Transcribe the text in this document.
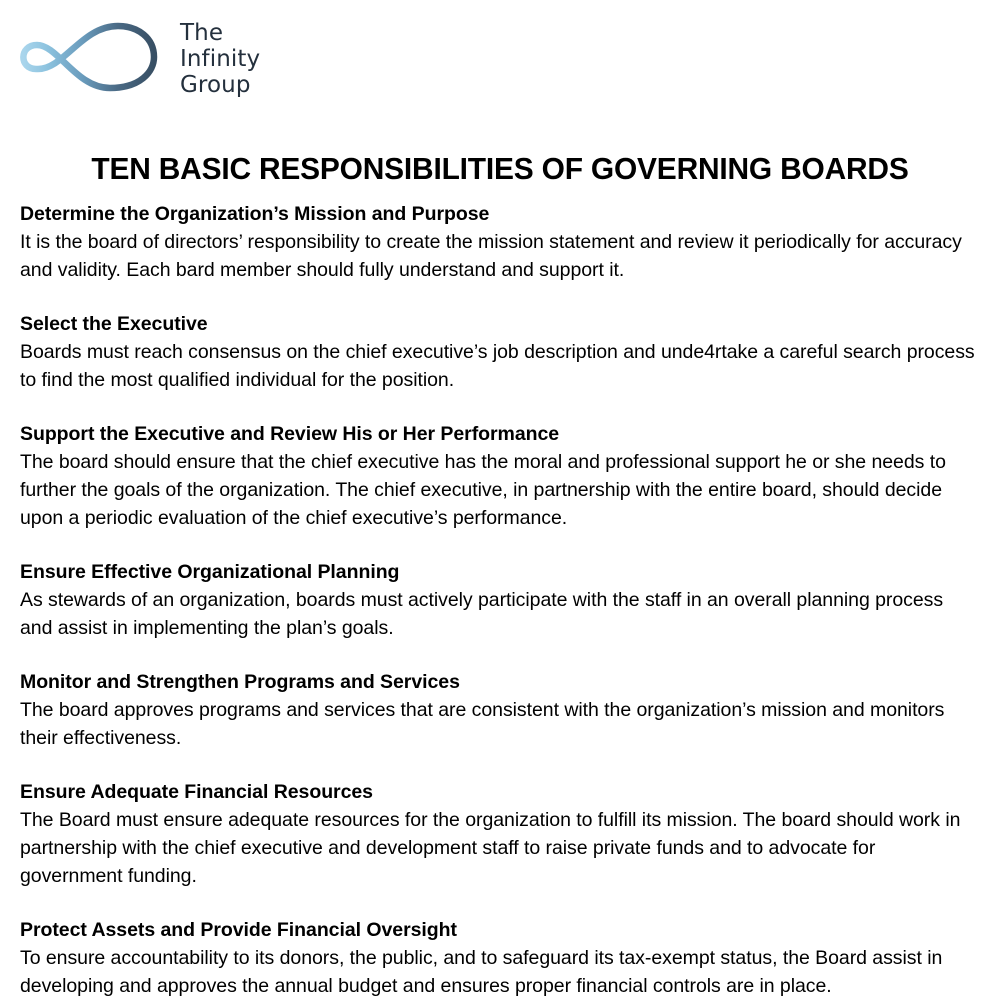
The
Infinity
Group
TEN BASIC RESPONSIBILITIES OF GOVERNING BOARDS
Determine the Organization’s Mission and Purpose
It is the board of directors’ responsibility to create the mission statement and review it periodically for accuracy and validity. Each bard member should fully understand and support it.
Select the Executive
Boards must reach consensus on the chief executive’s job description and unde4rtake a careful search process to find the most qualified individual for the position.
Support the Executive and Review His or Her Performance
The board should ensure that the chief executive has the moral and professional support he or she needs to further the goals of the organization. The chief executive, in partnership with the entire board, should decide upon a periodic evaluation of the chief executive’s performance.
Ensure Effective Organizational Planning
As stewards of an organization, boards must actively participate with the staff in an overall planning process and assist in implementing the plan’s goals.
Monitor and Strengthen Programs and Services
The board approves programs and services that are consistent with the organization’s mission and monitors their effectiveness.
Ensure Adequate Financial Resources
The Board must ensure adequate resources for the organization to fulfill its mission. The board should work in partnership with the chief executive and development staff to raise private funds and to advocate for government funding.
Protect Assets and Provide Financial Oversight
To ensure accountability to its donors, the public, and to safeguard its tax-exempt status, the Board assist in developing and approves the annual budget and ensures proper financial controls are in place.
